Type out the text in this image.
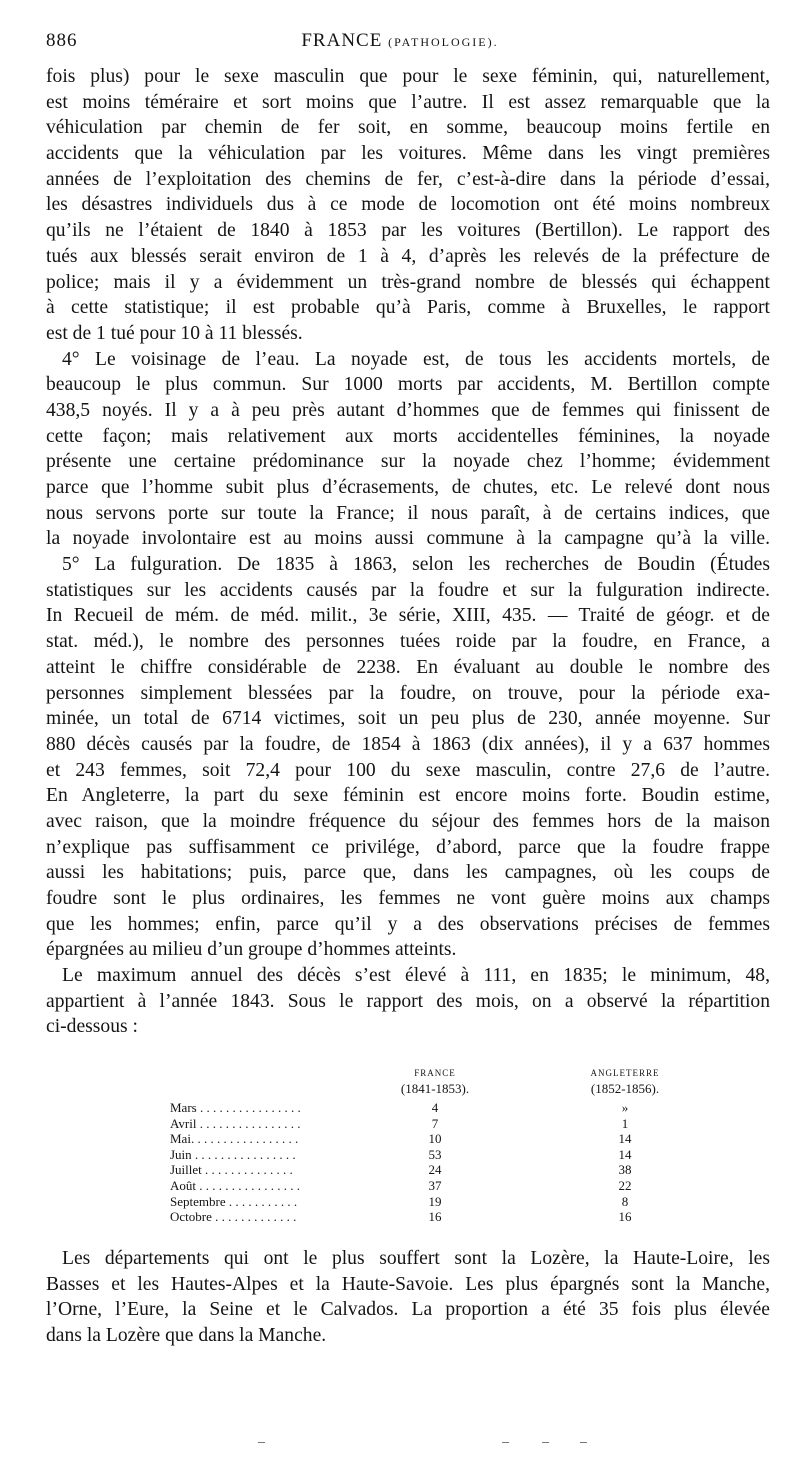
886	FRANCE (PATHOLOGIE).
fois plus) pour le sexe masculin que pour le sexe féminin, qui, naturellement,
est moins téméraire et sort moins que l’autre. Il est assez remarquable que la
véhiculation par chemin de fer soit, en somme, beaucoup moins fertile en
accidents que la véhiculation par les voitures. Même dans les vingt premières
années de l’exploitation des chemins de fer, c’est-à-dire dans la période d’essai,
les désastres individuels dus à ce mode de locomotion ont été moins nombreux
qu’ils ne l’étaient de 1840 à 1853 par les voitures (Bertillon). Le rapport des
tués aux blessés serait environ de 1 à 4, d’après les relevés de la préfecture de
police; mais il y a évidemment un très-grand nombre de blessés qui échappent
à cette statistique; il est probable qu’à Paris, comme à Bruxelles, le rapport
est de 1 tué pour 10 à 11 blessés.
4° Le voisinage de l’eau. La noyade est, de tous les accidents mortels, de
beaucoup le plus commun. Sur 1000 morts par accidents, M. Bertillon compte
438,5 noyés. Il y a à peu près autant d’hommes que de femmes qui finissent de
cette façon; mais relativement aux morts accidentelles féminines, la noyade
présente une certaine prédominance sur la noyade chez l’homme; évidemment
parce que l’homme subit plus d’écrasements, de chutes, etc. Le relevé dont nous
nous servons porte sur toute la France; il nous paraît, à de certains indices, que
la noyade involontaire est au moins aussi commune à la campagne qu’à la ville.
5° La fulguration. De 1835 à 1863, selon les recherches de Boudin (Études
statistiques sur les accidents causés par la foudre et sur la fulguration indirecte.
In Recueil de mém. de méd. milit., 3e série, XIII, 435. — Traité de géogr. et de
stat. méd.), le nombre des personnes tuées roide par la foudre, en France, a
atteint le chiffre considérable de 2238. En évaluant au double le nombre des
personnes simplement blessées par la foudre, on trouve, pour la période exa-
minée, un total de 6714 victimes, soit un peu plus de 230, année moyenne. Sur
880 décès causés par la foudre, de 1854 à 1863 (dix années), il y a 637 hommes
et 243 femmes, soit 72,4 pour 100 du sexe masculin, contre 27,6 de l’autre.
En Angleterre, la part du sexe féminin est encore moins forte. Boudin estime,
avec raison, que la moindre fréquence du séjour des femmes hors de la maison
n’explique pas suffisamment ce privilége, d’abord, parce que la foudre frappe
aussi les habitations; puis, parce que, dans les campagnes, où les coups de
foudre sont le plus ordinaires, les femmes ne vont guère moins aux champs
que les hommes; enfin, parce qu’il y a des observations précises de femmes
épargnées au milieu d’un groupe d’hommes atteints.
Le maximum annuel des décès s’est élevé à 111, en 1835; le minimum, 48,
appartient à l’année 1843. Sous le rapport des mois, on a observé la répartition
ci-dessous :
FRANCE
(1841-1853).
ANGLETERRE
(1852-1856).
Mars . . . . . . . . . . . . . . . .	4	»
Avril . . . . . . . . . . . . . . . .	7	1
Mai. . . . . . . . . . . . . . . . .	10	14
Juin . . . . . . . . . . . . . . . .	53	14
Juillet . . . . . . . . . . . . . .	24	38
Août . . . . . . . . . . . . . . . .	37	22
Septembre . . . . . . . . . . .	19	8
Octobre . . . . . . . . . . . . .	16	16
Les départements qui ont le plus souffert sont la Lozère, la Haute-Loire, les
Basses et les Hautes-Alpes et la Haute-Savoie. Les plus épargnés sont la Manche,
l’Orne, l’Eure, la Seine et le Calvados. La proportion a été 35 fois plus élevée
dans la Lozère que dans la Manche.
